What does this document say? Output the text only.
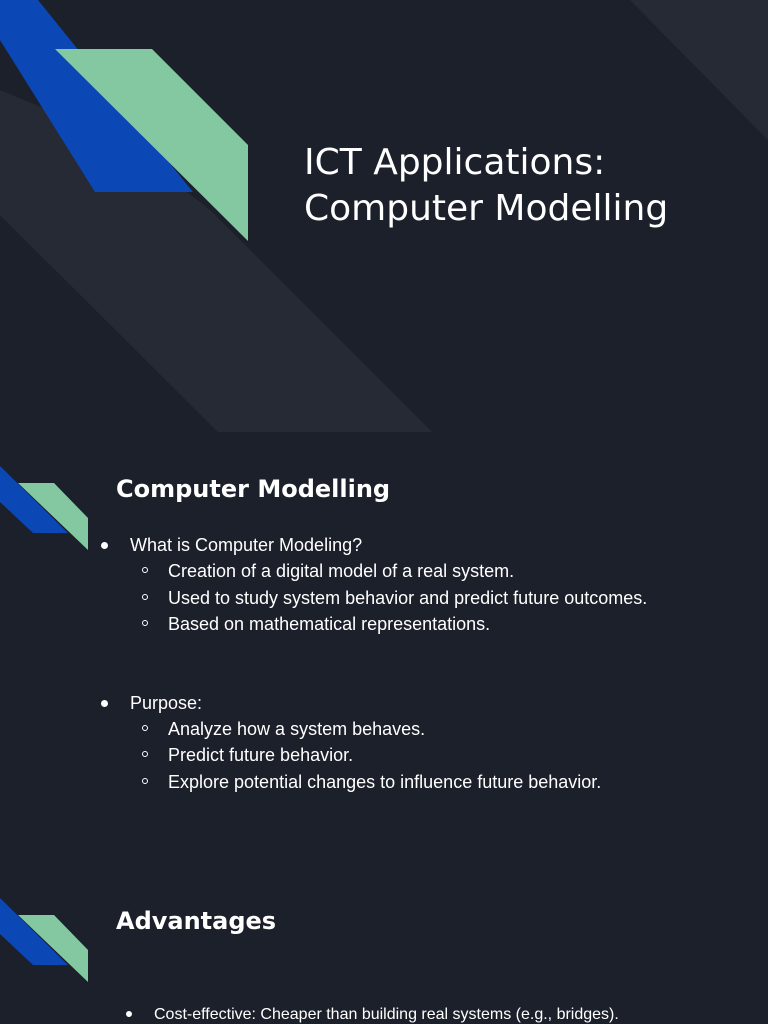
ICT Applications:
Computer Modelling
Computer Modelling
What is Computer Modeling?
Creation of a digital model of a real system.
Used to study system behavior and predict future outcomes.
Based on mathematical representations.
Purpose:
Analyze how a system behaves.
Predict future behavior.
Explore potential changes to influence future behavior.
Advantages
Cost-effective: Cheaper than building real systems (e.g., bridges).
